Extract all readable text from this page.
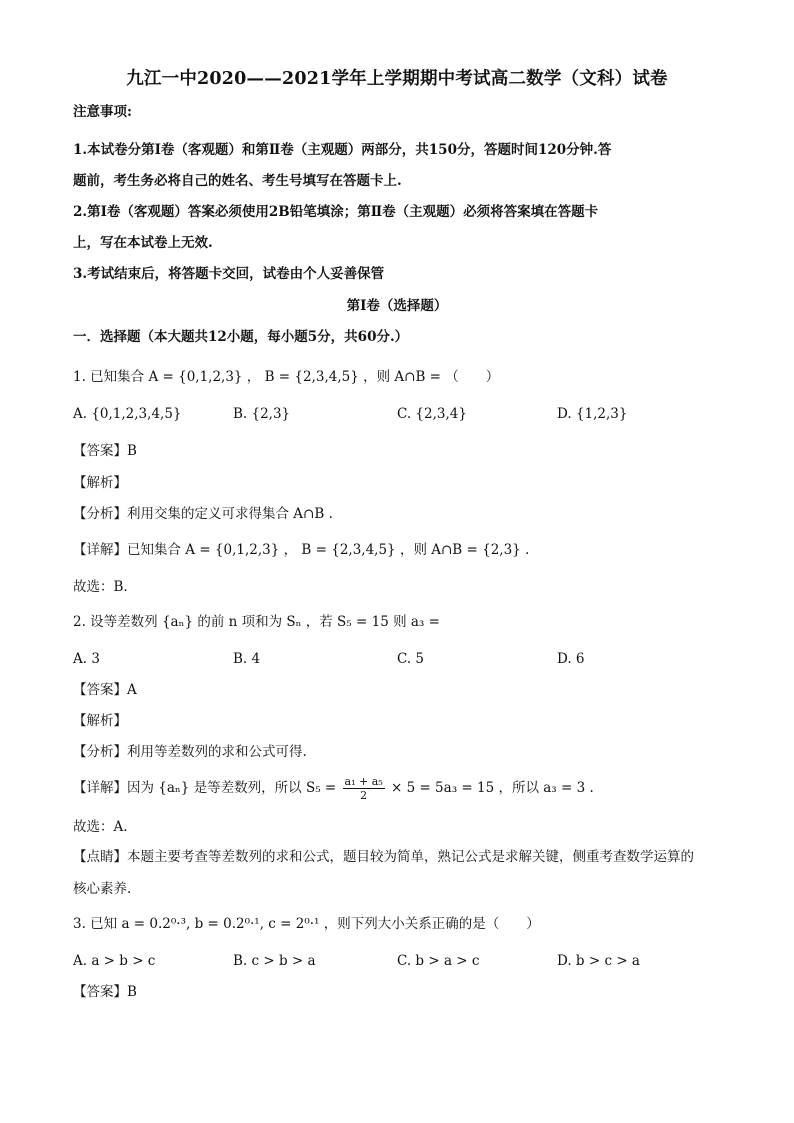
九江一中2020——2021学年上学期期中考试高二数学（文科）试卷
注意事项:
1.本试卷分第Ⅰ卷（客观题）和第Ⅱ卷（主观题）两部分，共150分，答题时间120分钟.答
题前，考生务必将自己的姓名、考生号填写在答题卡上.
2.第Ⅰ卷（客观题）答案必须使用2B铅笔填涂；第Ⅱ卷（主观题）必须将答案填在答题卡
上，写在本试卷上无效.
3.考试结束后，将答题卡交回，试卷由个人妥善保管
第Ⅰ卷（选择题）
一．选择题（本大题共12小题，每小题5分，共60分.）
1. 已知集合 A = {0,1,2,3} ， B = {2,3,4,5} ，则 A∩B = （　　）
A. {0,1,2,3,4,5}	B. {2,3}	C. {2,3,4}	D. {1,2,3}
【答案】B
【解析】
【分析】利用交集的定义可求得集合 A∩B .
【详解】已知集合 A = {0,1,2,3} ， B = {2,3,4,5} ，则 A∩B = {2,3} .
故选：B.
2. 设等差数列 {aₙ} 的前 n 项和为 Sₙ ，若 S₅ = 15 则 a₃ =
A. 3	B. 4	C. 5	D. 6
【答案】A
【解析】
【分析】利用等差数列的求和公式可得.
【详解】因为 {aₙ} 是等差数列，所以 $S_5 = \frac{\text{a₁ + a₅}}{2} \times 5 = 5a_3 = 15$ ，所以 a₃ = 3 .
故选：A.
【点睛】本题主要考查等差数列的求和公式，题目较为简单，熟记公式是求解关键，侧重考查数学运算的
核心素养.
3. 已知 a = 0.2⁰·³, b = 0.2⁰·¹, c = 2⁰·¹ ，则下列大小关系正确的是（　　）
A. a > b > c	B. c > b > a	C. b > a > c	D. b > c > a
【答案】B
